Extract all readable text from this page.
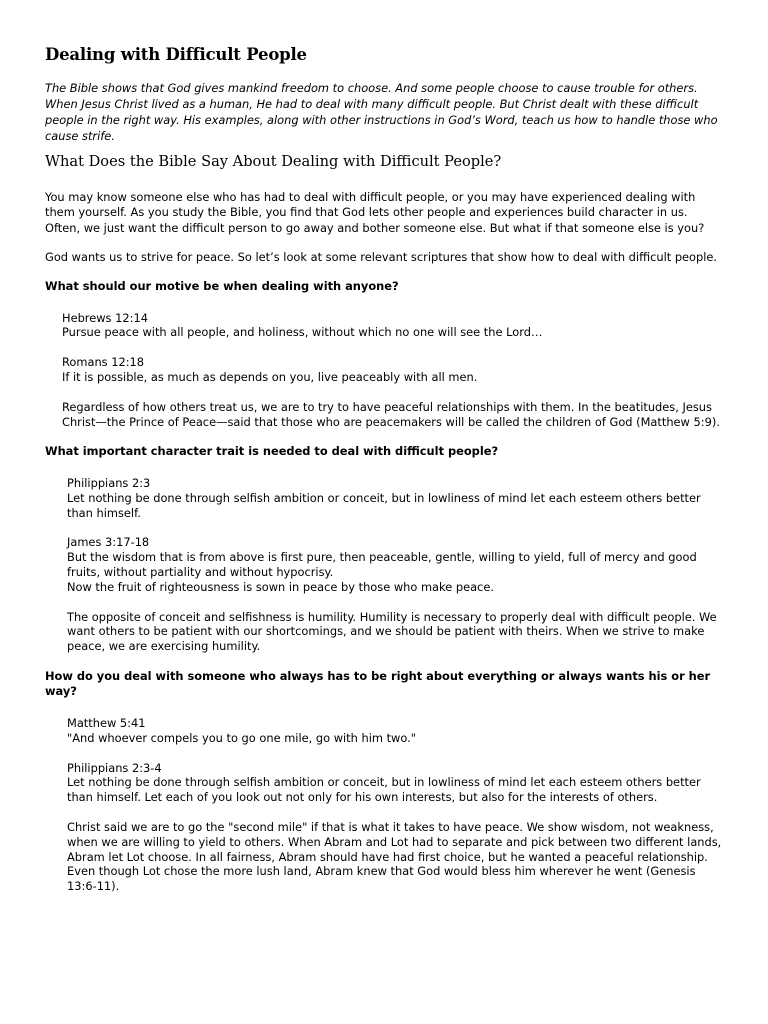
Dealing with Difficult People

The Bible shows that God gives mankind freedom to choose. And some people choose to cause trouble for others. When Jesus Christ lived as a human, He had to deal with many difficult people. But Christ dealt with these difficult people in the right way. His examples, along with other instructions in God’s Word, teach us how to handle those who cause strife.

What Does the Bible Say About Dealing with Difficult People?

You may know someone else who has had to deal with difficult people, or you may have experienced dealing with them yourself. As you study the Bible, you find that God lets other people and experiences build character in us. Often, we just want the difficult person to go away and bother someone else. But what if that someone else is you?

God wants us to strive for peace. So let’s look at some relevant scriptures that show how to deal with difficult people.

What should our motive be when dealing with anyone?

Hebrews 12:14
Pursue peace with all people, and holiness, without which no one will see the Lord…
Romans 12:18
If it is possible, as much as depends on you, live peaceably with all men.
Regardless of how others treat us, we are to try to have peaceful relationships with them. In the beatitudes, Jesus Christ—the Prince of Peace—said that those who are peacemakers will be called the children of God (Matthew 5:9).

What important character trait is needed to deal with difficult people?

Philippians 2:3
Let nothing be done through selfish ambition or conceit, but in lowliness of mind let each esteem others better than himself.
James 3:17-18
But the wisdom that is from above is first pure, then peaceable, gentle, willing to yield, full of mercy and good fruits, without partiality and without hypocrisy.
Now the fruit of righteousness is sown in peace by those who make peace.
The opposite of conceit and selfishness is humility. Humility is necessary to properly deal with difficult people. We want others to be patient with our shortcomings, and we should be patient with theirs. When we strive to make peace, we are exercising humility.

How do you deal with someone who always has to be right about everything or always wants his or her way?

Matthew 5:41
"And whoever compels you to go one mile, go with him two."
Philippians 2:3-4
Let nothing be done through selfish ambition or conceit, but in lowliness of mind let each esteem others better than himself. Let each of you look out not only for his own interests, but also for the interests of others.
Christ said we are to go the "second mile" if that is what it takes to have peace. We show wisdom, not weakness, when we are willing to yield to others. When Abram and Lot had to separate and pick between two different lands, Abram let Lot choose. In all fairness, Abram should have had first choice, but he wanted a peaceful relationship. Even though Lot chose the more lush land, Abram knew that God would bless him wherever he went (Genesis 13:6-11).
